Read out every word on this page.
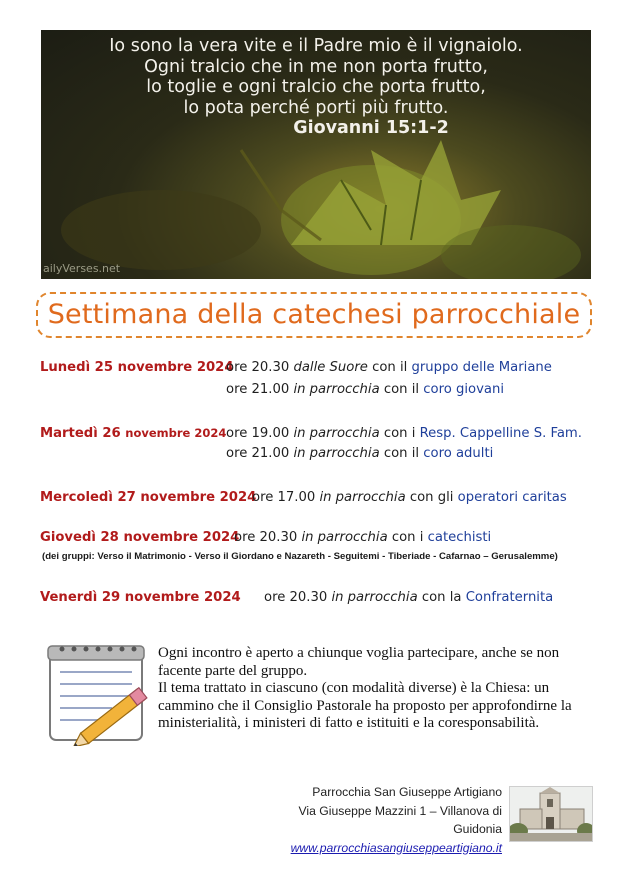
Io sono la vera vite e il Padre mio è il vignaiolo.
Ogni tralcio che in me non porta frutto,
lo toglie e ogni tralcio che porta frutto,
lo pota perché porti più frutto.
Giovanni 15:1-2
ailyVerses.net
Settimana della catechesi parrocchiale
Lunedì 25 novembre 2024
ore 20.30 dalle Suore con il gruppo delle Mariane
ore 21.00 in parrocchia con il coro giovani
Martedì 26 novembre 2024 ore 19.00 in parrocchia con i Resp. Cappelline S. Fam.
ore 21.00 in parrocchia con il coro adulti
Mercoledì 27 novembre 2024
ore 17.00 in parrocchia con gli operatori caritas
Giovedì 28 novembre 2024
ore 20.30 in parrocchia con i catechisti
(dei gruppi: Verso il Matrimonio - Verso il Giordano e Nazareth - Seguitemi - Tiberiade - Cafarnao – Gerusalemme)
Venerdì 29 novembre 2024 ore 20.30 in parrocchia con la Confraternita

Ogni incontro è aperto a chiunque voglia partecipare, anche se non facente parte del gruppo.

Il tema trattato in ciascuno (con modalità diverse) è la Chiesa: un cammino che il Consiglio Pastorale ha proposto per approfondirne la ministerialità, i ministeri di fatto e istituiti e la coresponsabilità.

Parrocchia San Giuseppe Artigiano
Via Giuseppe Mazzini 1 – Villanova di Guidonia
www.parrocchiasangiuseppeartigiano.it
